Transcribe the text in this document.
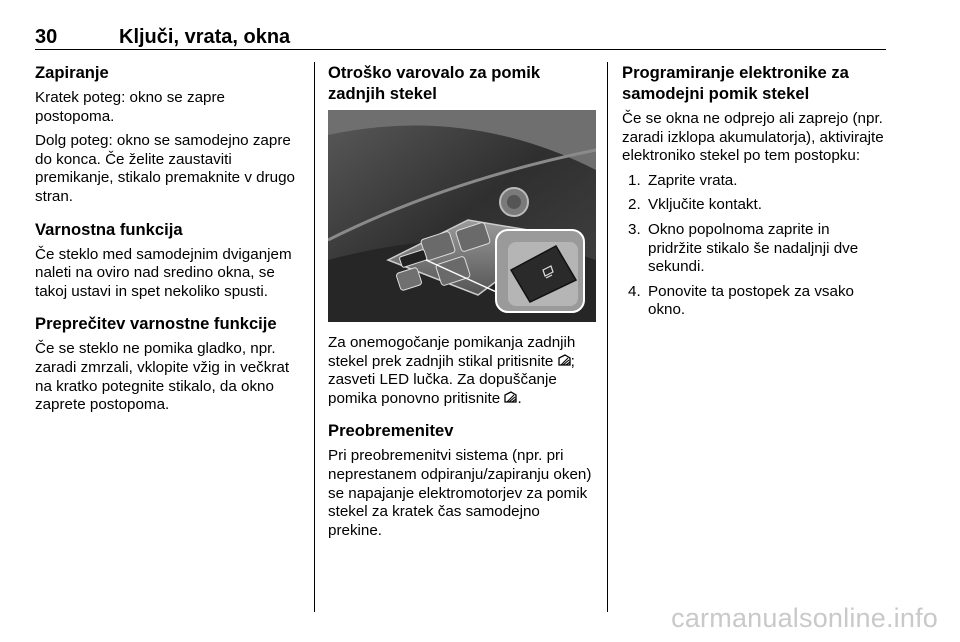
30	Ključi, vrata, okna
Zapiranje

Kratek poteg: okno se zapre postopoma.

Dolg poteg: okno se samodejno zapre do konca. Če želite zaustaviti premikanje, stikalo premaknite v drugo stran.

Varnostna funkcija

Če steklo med samodejnim dviganjem naleti na oviro nad sredino okna, se takoj ustavi in spet nekoliko spusti.

Preprečitev varnostne funkcije

Če se steklo ne pomika gladko, npr. zaradi zmrzali, vklopite vžig in večkrat na kratko potegnite stikalo, da okno zaprete postopoma.

Otroško varovalo za pomik zadnjih stekel

Za onemogočanje pomikanja zadnjih stekel prek zadnjih stikal pritisnite ; zasveti LED lučka. Za dopuščanje pomika ponovno pritisnite .

Preobremenitev

Pri preobremenitvi sistema (npr. pri neprestanem odpiranju/zapiranju oken) se napajanje elektromotorjev za pomik stekel za kratek čas samodejno prekine.

Programiranje elektronike za samodejni pomik stekel

Če se okna ne odprejo ali zaprejo (npr. zaradi izklopa akumulatorja), aktivirajte elektroniko stekel po tem postopku:

1. Zaprite vrata.
2. Vključite kontakt.
3. Okno popolnoma zaprite in pridržite stikalo še nadaljnji dve sekundi.
4. Ponovite ta postopek za vsako okno.
carmanualsonline.info
